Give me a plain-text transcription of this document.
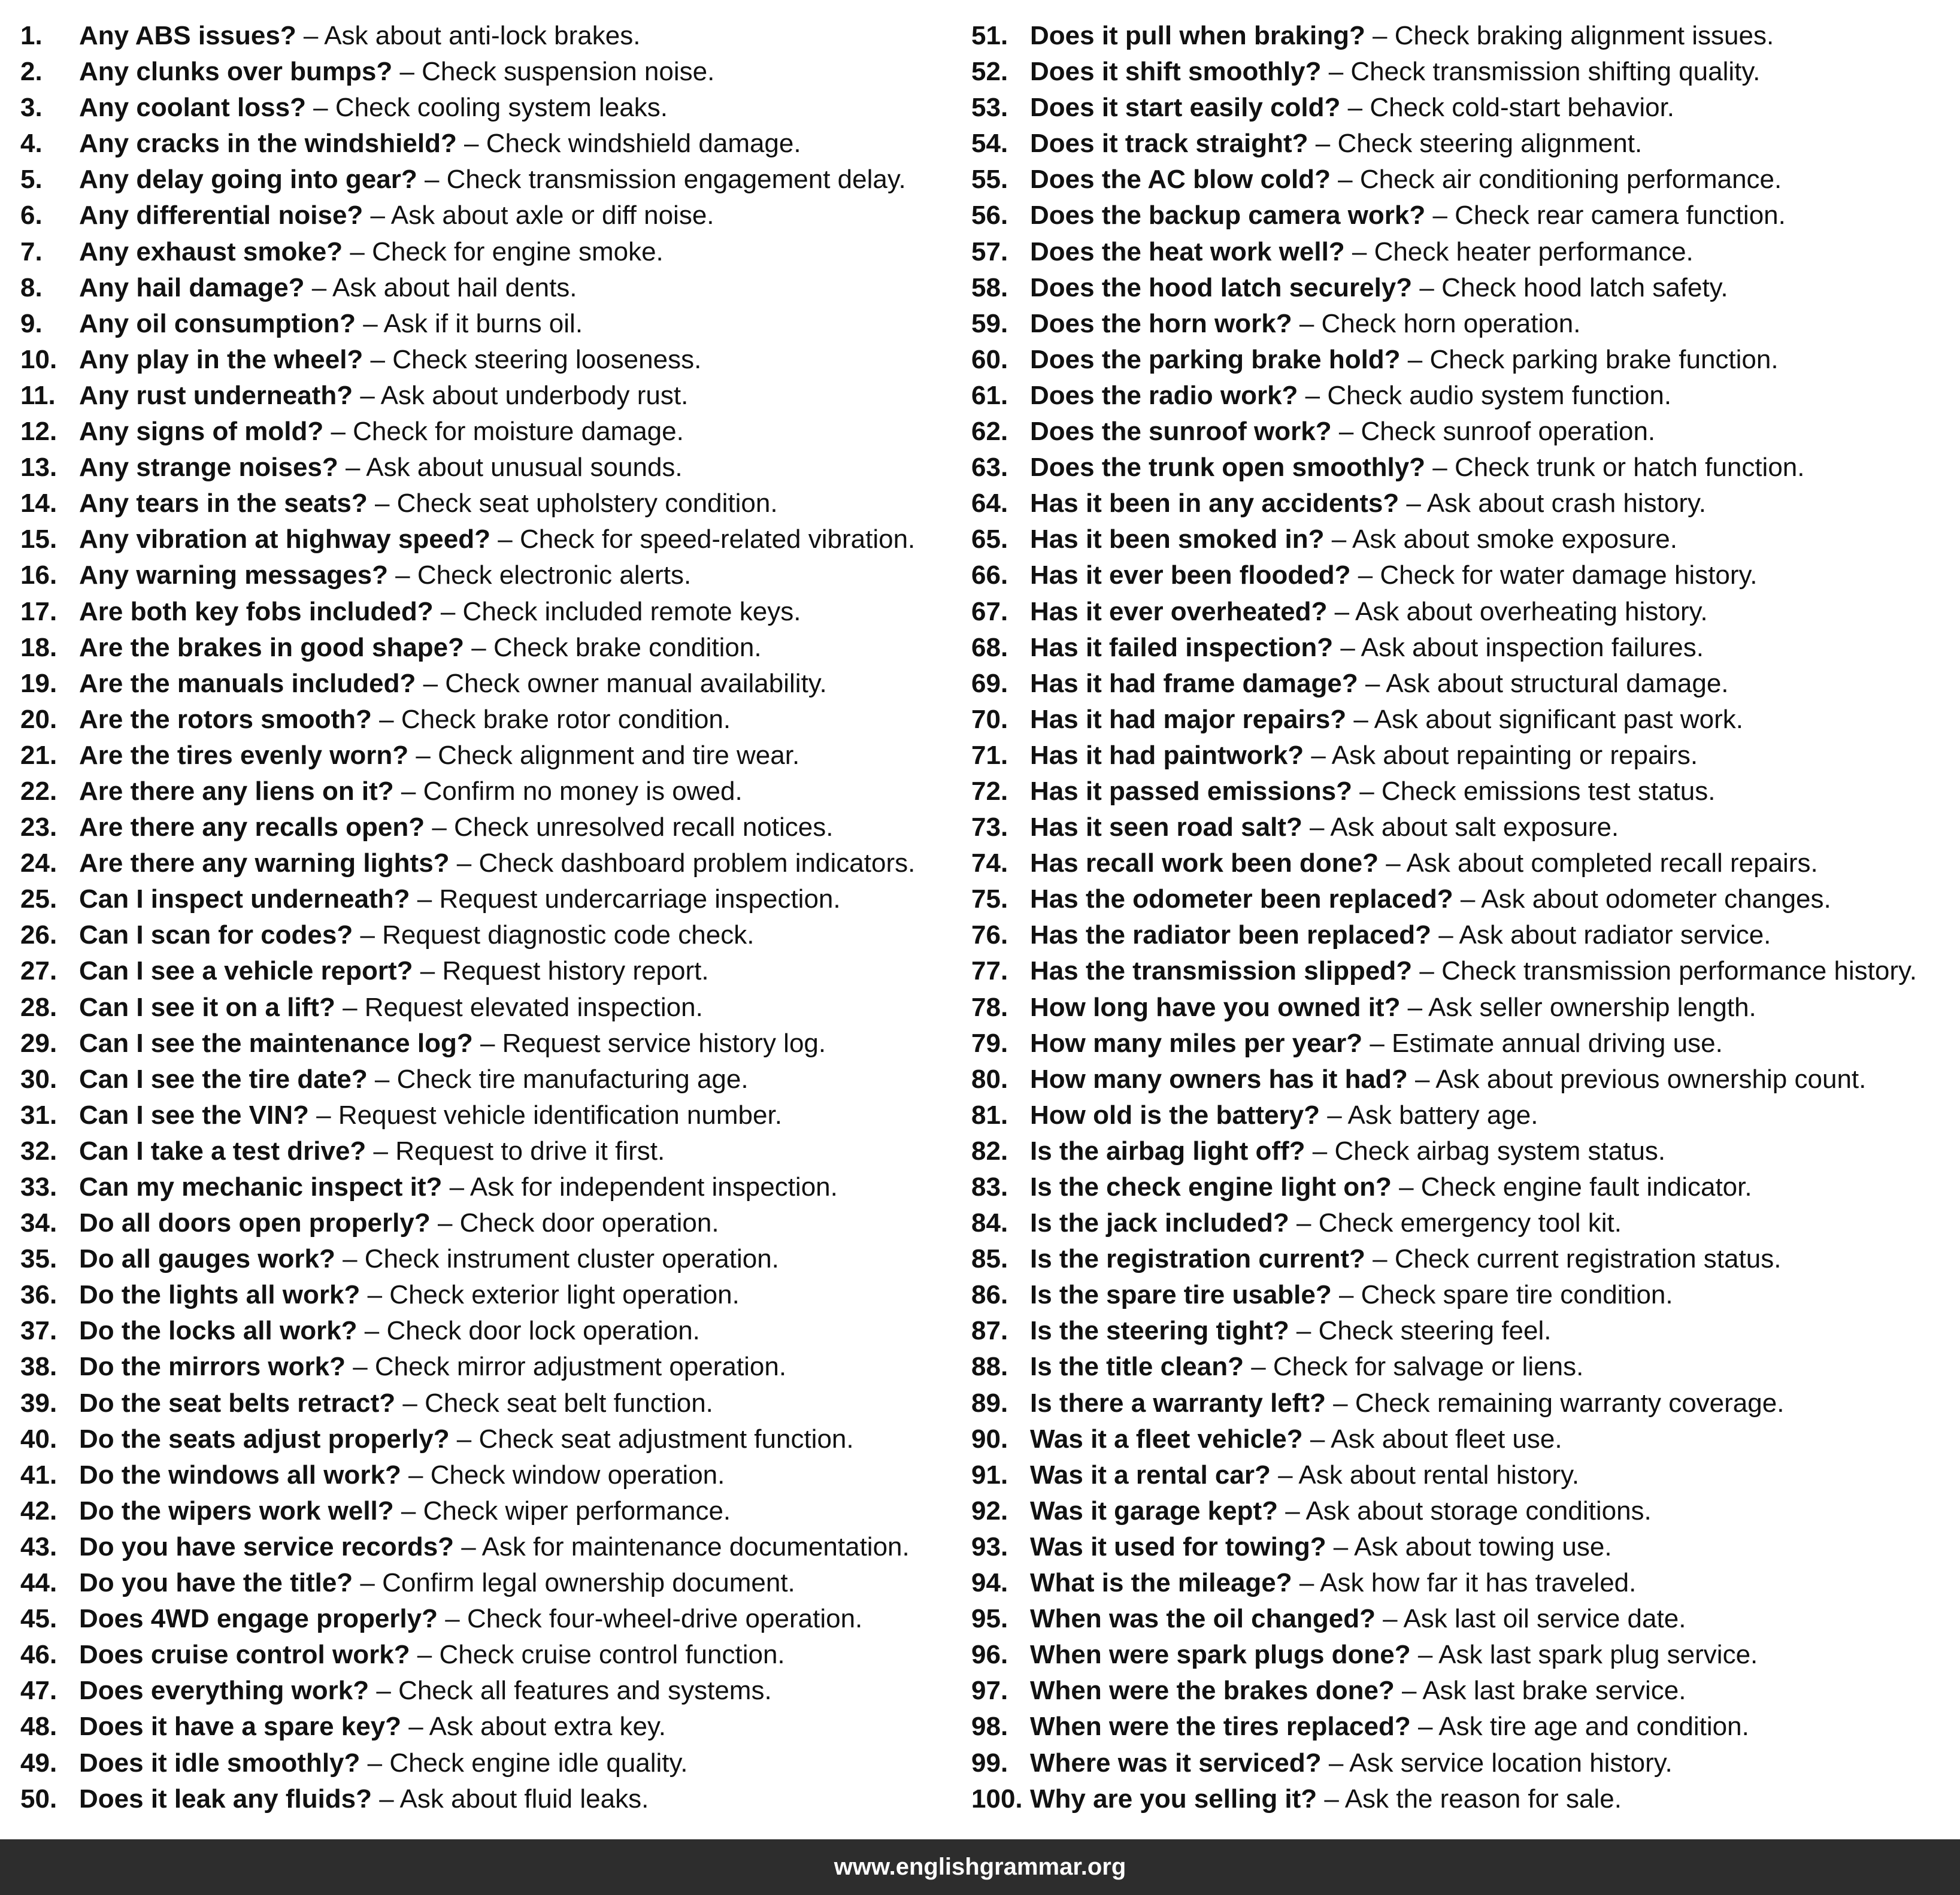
1.	Any ABS issues? – Ask about anti-lock brakes.
2.	Any clunks over bumps? – Check suspension noise.
3.	Any coolant loss? – Check cooling system leaks.
4.	Any cracks in the windshield? – Check windshield damage.
5.	Any delay going into gear? – Check transmission engagement delay.
6.	Any differential noise? – Ask about axle or diff noise.
7.	Any exhaust smoke? – Check for engine smoke.
8.	Any hail damage? – Ask about hail dents.
9.	Any oil consumption? – Ask if it burns oil.
10. Any play in the wheel? – Check steering looseness.
11. Any rust underneath? – Ask about underbody rust.
12. Any signs of mold? – Check for moisture damage.
13. Any strange noises? – Ask about unusual sounds.
14. Any tears in the seats? – Check seat upholstery condition.
15. Any vibration at highway speed? – Check for speed-related vibration.
16. Any warning messages? – Check electronic alerts.
17. Are both key fobs included? – Check included remote keys.
18. Are the brakes in good shape? – Check brake condition.
19. Are the manuals included? – Check owner manual availability.
20. Are the rotors smooth? – Check brake rotor condition.
21. Are the tires evenly worn? – Check alignment and tire wear.
22. Are there any liens on it? – Confirm no money is owed.
23. Are there any recalls open? – Check unresolved recall notices.
24. Are there any warning lights? – Check dashboard problem indicators.
25. Can I inspect underneath? – Request undercarriage inspection.
26. Can I scan for codes? – Request diagnostic code check.
27. Can I see a vehicle report? – Request history report.
28. Can I see it on a lift? – Request elevated inspection.
29. Can I see the maintenance log? – Request service history log.
30. Can I see the tire date? – Check tire manufacturing age.
31. Can I see the VIN? – Request vehicle identification number.
32. Can I take a test drive? – Request to drive it first.
33. Can my mechanic inspect it? – Ask for independent inspection.
34. Do all doors open properly? – Check door operation.
35. Do all gauges work? – Check instrument cluster operation.
36. Do the lights all work? – Check exterior light operation.
37. Do the locks all work? – Check door lock operation.
38. Do the mirrors work? – Check mirror adjustment operation.
39. Do the seat belts retract? – Check seat belt function.
40. Do the seats adjust properly? – Check seat adjustment function.
41. Do the windows all work? – Check window operation.
42. Do the wipers work well? – Check wiper performance.
43. Do you have service records? – Ask for maintenance documentation.
44. Do you have the title? – Confirm legal ownership document.
45. Does 4WD engage properly? – Check four-wheel-drive operation.
46. Does cruise control work? – Check cruise control function.
47. Does everything work? – Check all features and systems.
48. Does it have a spare key? – Ask about extra key.
49. Does it idle smoothly? – Check engine idle quality.
50. Does it leak any fluids? – Ask about fluid leaks.
51. Does it pull when braking? – Check braking alignment issues.
52. Does it shift smoothly? – Check transmission shifting quality.
53. Does it start easily cold? – Check cold-start behavior.
54. Does it track straight? – Check steering alignment.
55. Does the AC blow cold? – Check air conditioning performance.
56. Does the backup camera work? – Check rear camera function.
57. Does the heat work well? – Check heater performance.
58. Does the hood latch securely? – Check hood latch safety.
59. Does the horn work? – Check horn operation.
60. Does the parking brake hold? – Check parking brake function.
61. Does the radio work? – Check audio system function.
62. Does the sunroof work? – Check sunroof operation.
63. Does the trunk open smoothly? – Check trunk or hatch function.
64. Has it been in any accidents? – Ask about crash history.
65. Has it been smoked in? – Ask about smoke exposure.
66. Has it ever been flooded? – Check for water damage history.
67. Has it ever overheated? – Ask about overheating history.
68. Has it failed inspection? – Ask about inspection failures.
69. Has it had frame damage? – Ask about structural damage.
70. Has it had major repairs? – Ask about significant past work.
71. Has it had paintwork? – Ask about repainting or repairs.
72. Has it passed emissions? – Check emissions test status.
73. Has it seen road salt? – Ask about salt exposure.
74. Has recall work been done? – Ask about completed recall repairs.
75. Has the odometer been replaced? – Ask about odometer changes.
76. Has the radiator been replaced? – Ask about radiator service.
77. Has the transmission slipped? – Check transmission performance history.
78. How long have you owned it? – Ask seller ownership length.
79. How many miles per year? – Estimate annual driving use.
80. How many owners has it had? – Ask about previous ownership count.
81. How old is the battery? – Ask battery age.
82. Is the airbag light off? – Check airbag system status.
83. Is the check engine light on? – Check engine fault indicator.
84. Is the jack included? – Check emergency tool kit.
85. Is the registration current? – Check current registration status.
86. Is the spare tire usable? – Check spare tire condition.
87. Is the steering tight? – Check steering feel.
88. Is the title clean? – Check for salvage or liens.
89. Is there a warranty left? – Check remaining warranty coverage.
90. Was it a fleet vehicle? – Ask about fleet use.
91. Was it a rental car? – Ask about rental history.
92. Was it garage kept? – Ask about storage conditions.
93. Was it used for towing? – Ask about towing use.
94. What is the mileage? – Ask how far it has traveled.
95. When was the oil changed? – Ask last oil service date.
96. When were spark plugs done? – Ask last spark plug service.
97. When were the brakes done? – Ask last brake service.
98. When were the tires replaced? – Ask tire age and condition.
99. Where was it serviced? – Ask service location history.
100. Why are you selling it? – Ask the reason for sale.
www.englishgrammar.org
